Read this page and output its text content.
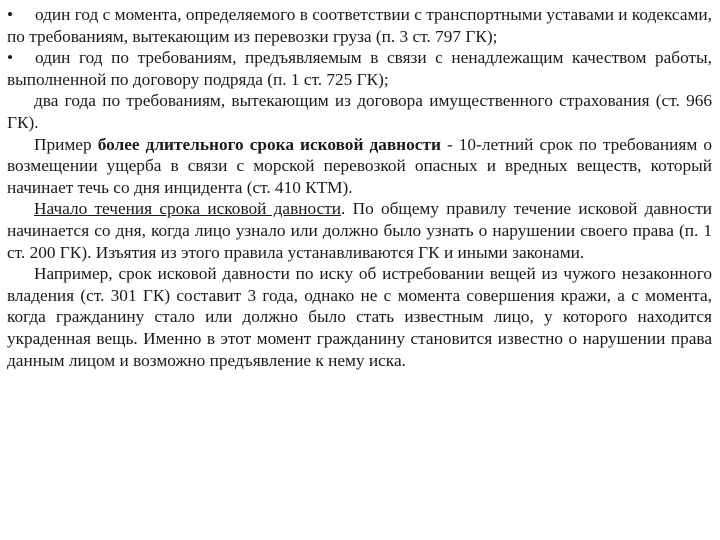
• один год с момента, определяемого в соответствии с транспортными уставами и кодексами, по требованиям, вытекающим из перевозки груза (п. 3 ст. 797 ГК);

• один год по требованиям, предъявляемым в связи с ненадлежащим качеством работы, выполненной по договору подряда (п. 1 ст. 725 ГК);

два года по требованиям, вытекающим из договора имущественного страхования (ст. 966 ГК).

Пример более длительного срока исковой давности - 10-летний срок по требованиям о возмещении ущерба в связи с морской перевозкой опасных и вредных веществ, который начинает течь со дня инцидента (ст. 410 КТМ).

Начало течения срока исковой давности. По общему правилу течение исковой давности начинается со дня, когда лицо узнало или должно было узнать о нарушении своего права (п. 1 ст. 200 ГК). Изъятия из этого правила устанавливаются ГК и иными законами.

Например, срок исковой давности по иску об истребовании вещей из чужого незаконного владения (ст. 301 ГК) составит 3 года, однако не с момента совершения кражи, а с момента, когда гражданину стало или должно было стать известным лицо, у которого находится украденная вещь. Именно в этот момент гражданину становится известно о нарушении права данным лицом и возможно предъявление к нему иска.
